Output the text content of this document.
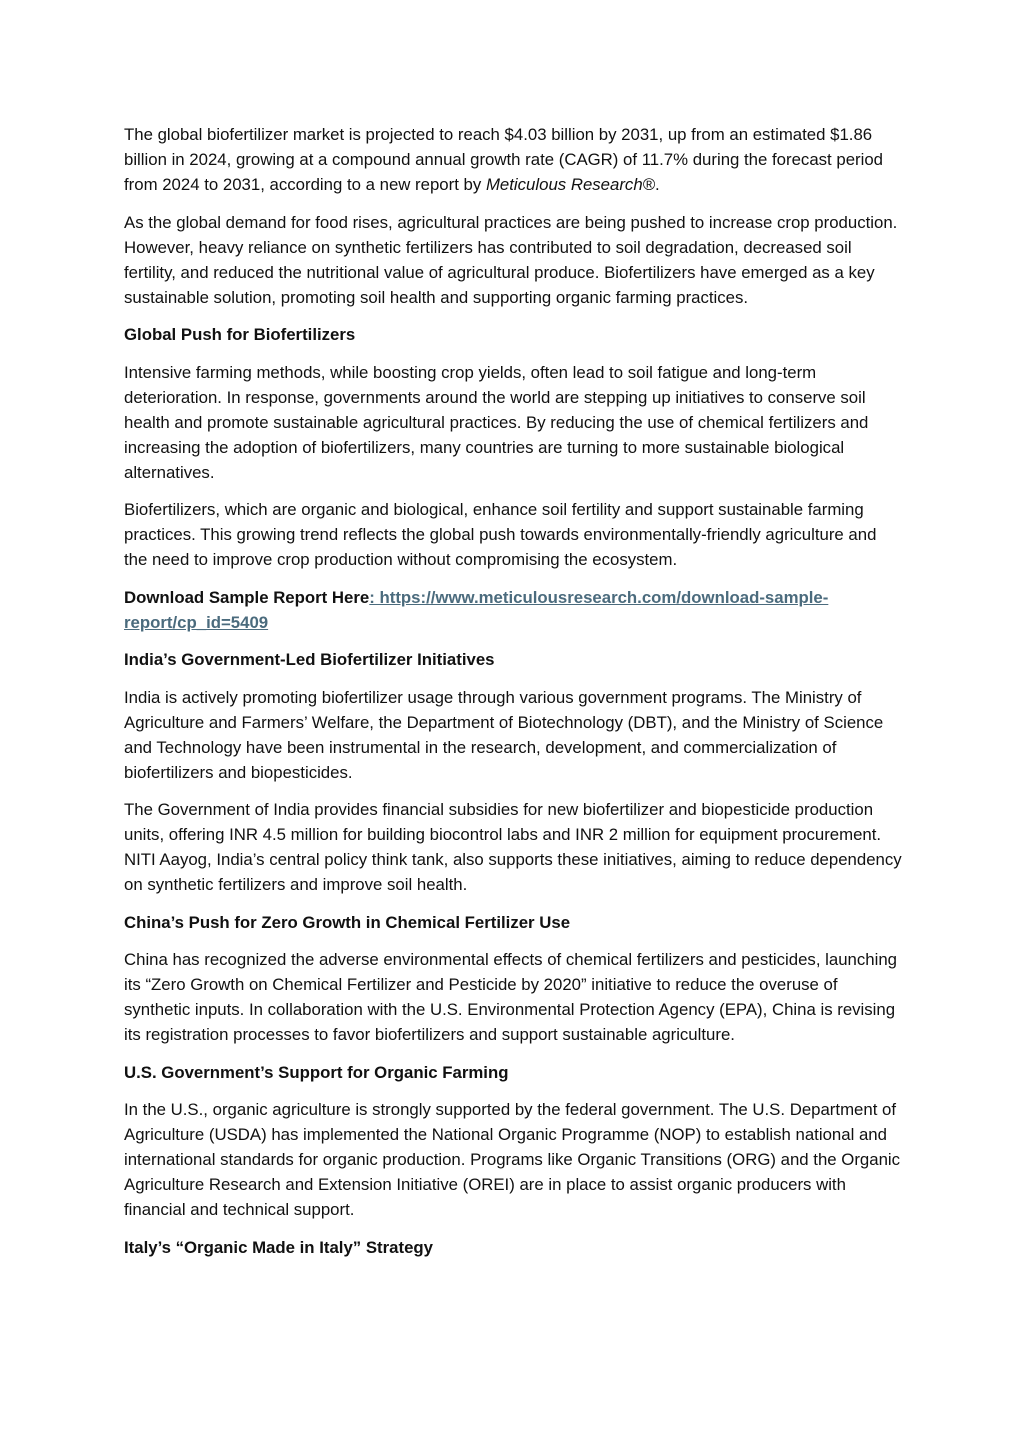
The global biofertilizer market is projected to reach $4.03 billion by 2031, up from an estimated $1.86 billion in 2024, growing at a compound annual growth rate (CAGR) of 11.7% during the forecast period from 2024 to 2031, according to a new report by Meticulous Research®.

As the global demand for food rises, agricultural practices are being pushed to increase crop production. However, heavy reliance on synthetic fertilizers has contributed to soil degradation, decreased soil fertility, and reduced the nutritional value of agricultural produce. Biofertilizers have emerged as a key sustainable solution, promoting soil health and supporting organic farming practices.

Global Push for Biofertilizers

Intensive farming methods, while boosting crop yields, often lead to soil fatigue and long-term deterioration. In response, governments around the world are stepping up initiatives to conserve soil health and promote sustainable agricultural practices. By reducing the use of chemical fertilizers and increasing the adoption of biofertilizers, many countries are turning to more sustainable biological alternatives.

Biofertilizers, which are organic and biological, enhance soil fertility and support sustainable farming practices. This growing trend reflects the global push towards environmentally-friendly agriculture and the need to improve crop production without compromising the ecosystem.

Download Sample Report Here: https://www.meticulousresearch.com/download-sample-report/cp_id=5409

India’s Government-Led Biofertilizer Initiatives

India is actively promoting biofertilizer usage through various government programs. The Ministry of Agriculture and Farmers’ Welfare, the Department of Biotechnology (DBT), and the Ministry of Science and Technology have been instrumental in the research, development, and commercialization of biofertilizers and biopesticides.

The Government of India provides financial subsidies for new biofertilizer and biopesticide production units, offering INR 4.5 million for building biocontrol labs and INR 2 million for equipment procurement. NITI Aayog, India’s central policy think tank, also supports these initiatives, aiming to reduce dependency on synthetic fertilizers and improve soil health.

China’s Push for Zero Growth in Chemical Fertilizer Use

China has recognized the adverse environmental effects of chemical fertilizers and pesticides, launching its “Zero Growth on Chemical Fertilizer and Pesticide by 2020” initiative to reduce the overuse of synthetic inputs. In collaboration with the U.S. Environmental Protection Agency (EPA), China is revising its registration processes to favor biofertilizers and support sustainable agriculture.

U.S. Government’s Support for Organic Farming

In the U.S., organic agriculture is strongly supported by the federal government. The U.S. Department of Agriculture (USDA) has implemented the National Organic Programme (NOP) to establish national and international standards for organic production. Programs like Organic Transitions (ORG) and the Organic Agriculture Research and Extension Initiative (OREI) are in place to assist organic producers with financial and technical support.

Italy’s “Organic Made in Italy” Strategy
